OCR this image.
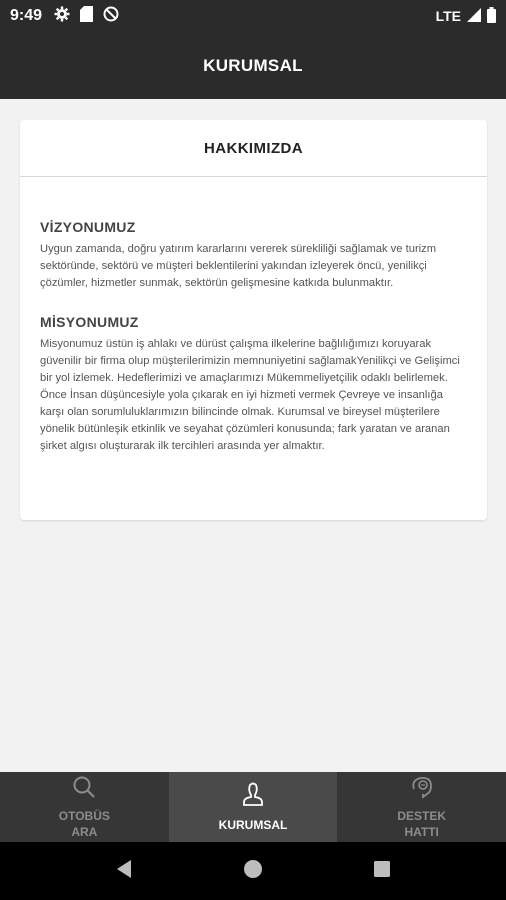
9:49	LTE
KURUMSAL
HAKKIMIZDA
VİZYONUMUZ

Uygun zamanda, doğru yatırım kararlarını vererek sürekliliği sağlamak ve turizm sektöründe, sektörü ve müşteri beklentilerini yakından izleyerek öncü, yenilikçi çözümler, hizmetler sunmak, sektörün gelişmesine katkıda bulunmaktır.

MİSYONUMUZ

Misyonumuz üstün iş ahlakı ve dürüst çalışma ilkelerine bağlılığımızı koruyarak güvenilir bir firma olup müşterilerimizin memnuniyetini sağlamakYenilikçi ve Gelişimci bir yol izlemek. Hedeflerimizi ve amaçlarımızı Mükemmeliyetçilik odaklı belirlemek. Önce İnsan düşüncesiyle yola çıkarak en iyi hizmeti vermek Çevreye ve insanlığa karşı olan sorumluluklarımızın bilincinde olmak. Kurumsal ve bireysel müşterilere yönelik bütünleşik etkinlik ve seyahat çözümleri konusunda; fark yaratan ve aranan şirket algısı oluşturarak ilk tercihleri arasında yer almaktır.

OTOBÜS
ARA	KURUMSAL
DESTEK
HATTI
